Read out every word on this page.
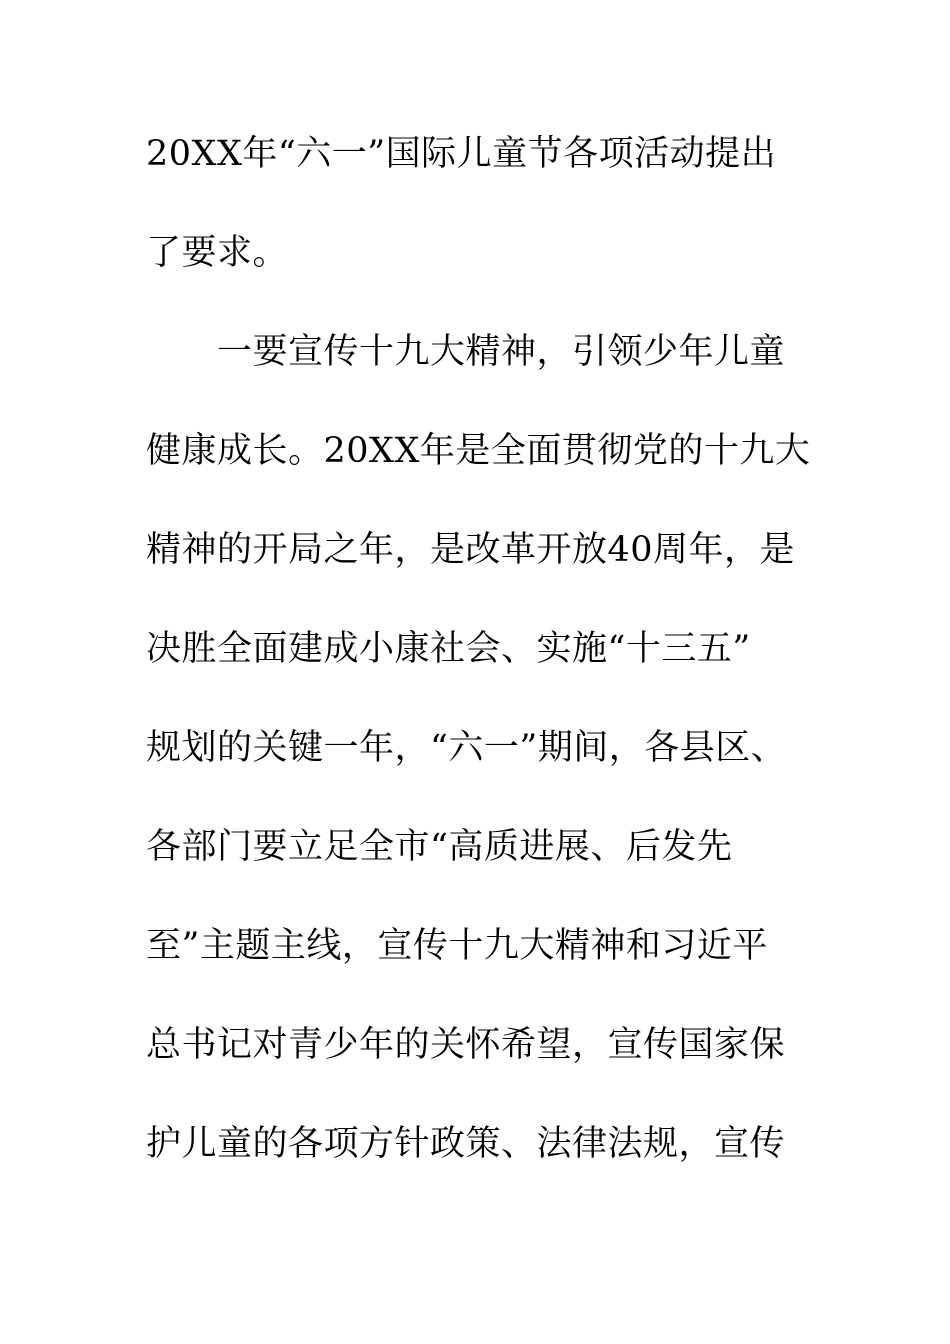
20XX年“六一”国际儿童节各项活动提出
了要求。
　　一要宣传十九大精神，引领少年儿童
健康成长。20XX年是全面贯彻党的十九大
精神的开局之年，是改革开放40周年，是
决胜全面建成小康社会、实施“十三五”
规划的关键一年，“六一”期间，各县区、
各部门要立足全市“高质进展、后发先
至”主题主线，宣传十九大精神和习近平
总书记对青少年的关怀希望，宣传国家保
护儿童的各项方针政策、法律法规，宣传
